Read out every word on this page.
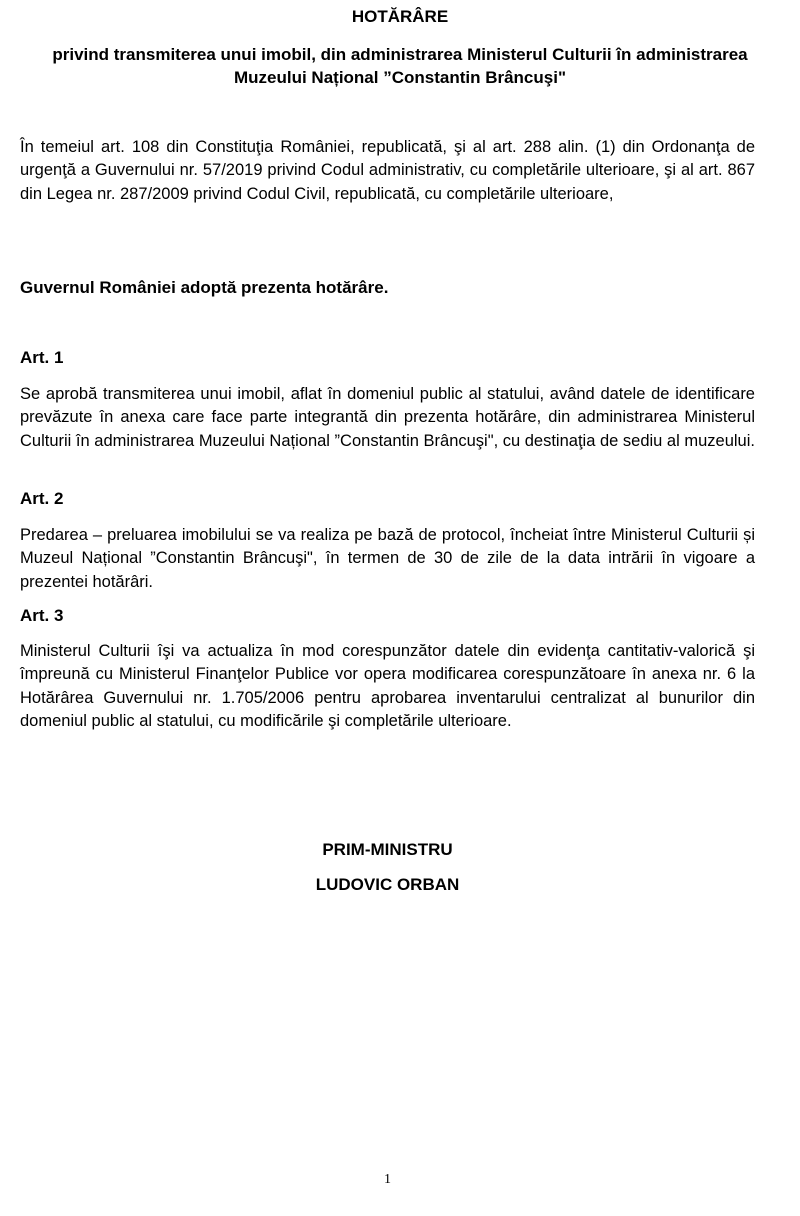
HOTĂRÂRE
privind transmiterea unui imobil, din administrarea Ministerul Culturii în administrarea Muzeului Național ”Constantin Brâncuşi"
În temeiul art. 108 din Constituţia României, republicată, şi al art. 288 alin. (1) din Ordonanţa de urgenţă a Guvernului nr. 57/2019 privind Codul administrativ, cu completările ulterioare, şi al art. 867 din Legea nr. 287/2009 privind Codul Civil, republicată, cu completările ulterioare,
Guvernul României adoptă prezenta hotărâre.
Art. 1
Se aprobă transmiterea unui imobil, aflat în domeniul public al statului, având datele de identificare prevăzute în anexa care face parte integrantă din prezenta hotărâre, din administrarea Ministerul Culturii în administrarea Muzeului Național ”Constantin Brâncuşi", cu destinaţia de sediu al muzeului.
Art. 2
Predarea – preluarea imobilului se va realiza pe bază de protocol, încheiat între Ministerul Culturii și Muzeul Național ”Constantin Brâncuşi", în termen de 30 de zile de la data intrării în vigoare a prezentei hotărâri.
Art. 3
Ministerul Culturii îşi va actualiza în mod corespunzător datele din evidenţa cantitativ-valorică şi împreună cu Ministerul Finanţelor Publice vor opera modificarea corespunzătoare în anexa nr. 6 la Hotărârea Guvernului nr. 1.705/2006 pentru aprobarea inventarului centralizat al bunurilor din domeniul public al statului, cu modificările şi completările ulterioare.
PRIM-MINISTRU
LUDOVIC ORBAN
1
